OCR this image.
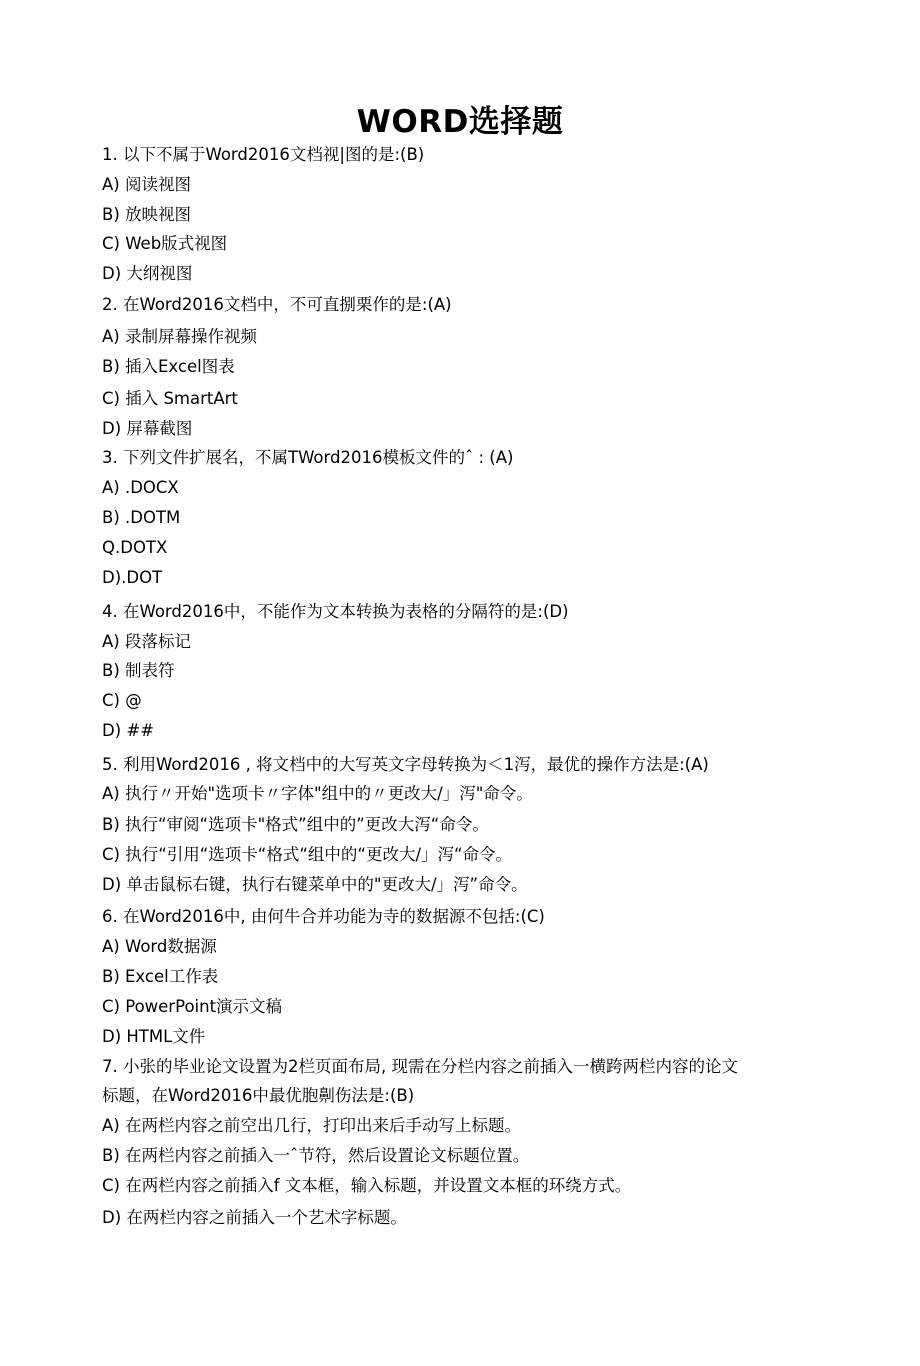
WORD选择题
1. 以下不属于Word2016文档视|图的是:(B)
A) 阅读视图
B) 放映视图
C) Web版式视图
D) 大纲视图
2. 在Word2016文档中，不可直捌栗作的是:(A)
A) 录制屏幕操作视频
B) 插入Excel图表
C) 插入 SmartArt
D) 屏幕截图
3. 下列文件扩展名，不属TWord2016模板文件的ˆ : (A)
A) .DOCX
B) .DOTM
Q.DOTX
D).DOT
4. 在Word2016中，不能作为文本转换为表格的分隔符的是:(D)
A) 段落标记
B) 制表符
C) @
D) ##
5. 利用Word2016 , 将文档中的大写英文字母转换为＜1泻，最优的操作方法是:(A)
A) 执行〃开始"选项卡〃字体"组中的〃更改大/」泻"命令。
B) 执行“审阅“选项卡"格式”组中的”更改大泻“命令。
C) 执行“引用“选项卡“格式“组中的“更改大/」泻“命令。
D) 单击鼠标右键，执行右键菜单中的"更改大/」泻”命令。
6. 在Word2016中, 由何牛合并功能为寺的数据源不包括:(C)
A) Word数据源
B) Excel工作表
C) PowerPoint演示文稿
D) HTML文件
7. 小张的毕业论文设置为2栏页面布局, 现需在分栏内容之前插入一横跨两栏内容的论文
标题，在Word2016中最优胞劓伤法是:(B)
A) 在两栏内容之前空出几行，打印出来后手动写上标题。
B) 在两栏内容之前插入一ˆ节符，然后设置论文标题位置。
C) 在两栏内容之前插入f 文本框，输入标题，并设置文本框的环绕方式。
D) 在两栏内容之前插入一个艺术字标题。
